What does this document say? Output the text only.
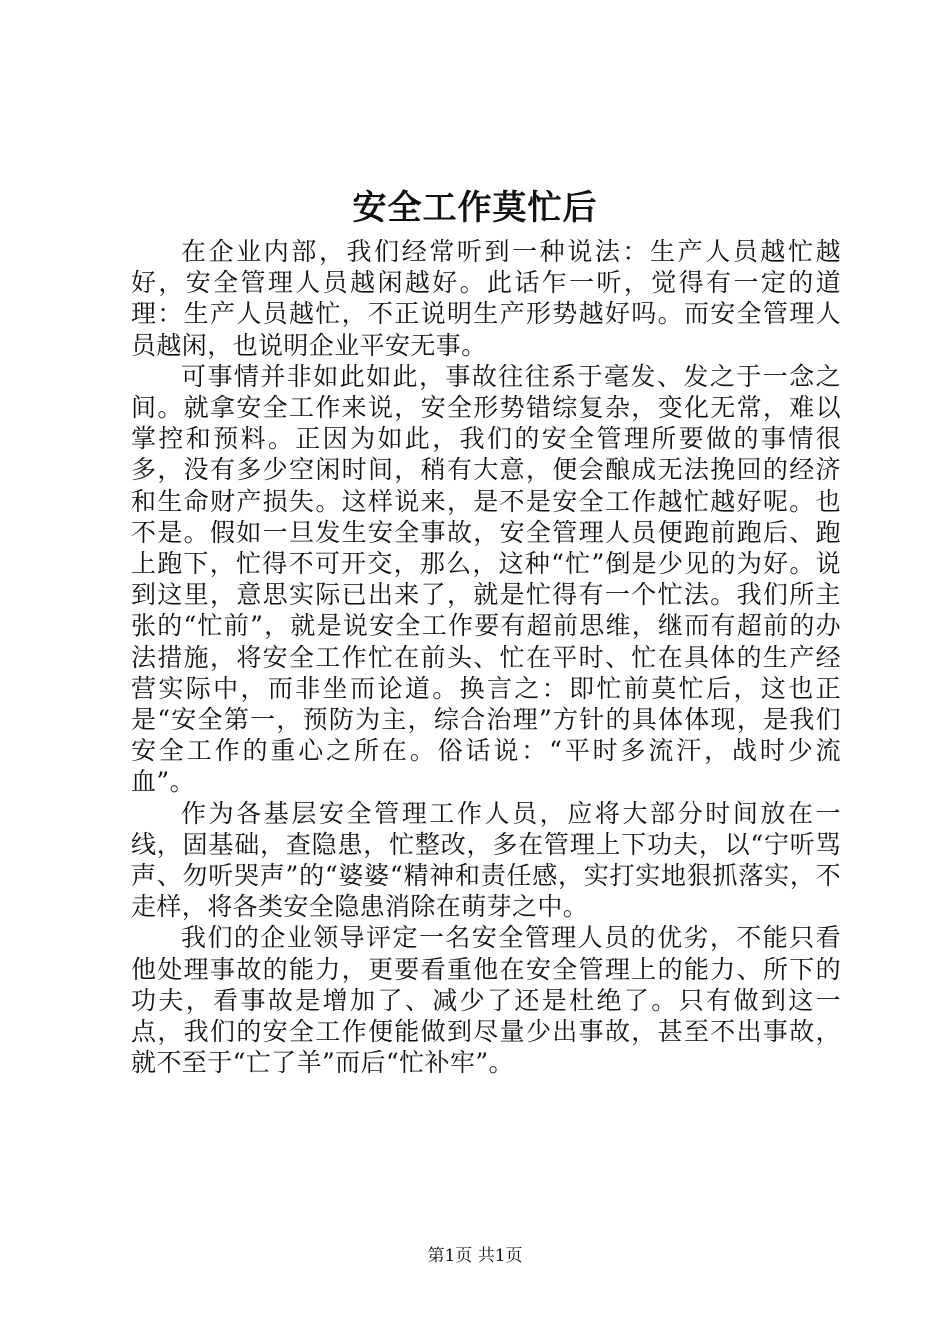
安全工作莫忙后

在企业内部，我们经常听到一种说法：生产人员越忙越好，安全管理人员越闲越好。此话乍一听，觉得有一定的道理：生产人员越忙，不正说明生产形势越好吗。而安全管理人员越闲，也说明企业平安无事。

可事情并非如此如此，事故往往系于毫发、发之于一念之间。就拿安全工作来说，安全形势错综复杂，变化无常，难以掌控和预料。正因为如此，我们的安全管理所要做的事情很多，没有多少空闲时间，稍有大意，便会酿成无法挽回的经济和生命财产损失。这样说来，是不是安全工作越忙越好呢。也不是。假如一旦发生安全事故，安全管理人员便跑前跑后、跑上跑下，忙得不可开交，那么，这种“忙”倒是少见的为好。说到这里，意思实际已出来了，就是忙得有一个忙法。我们所主张的“忙前”，就是说安全工作要有超前思维，继而有超前的办法措施，将安全工作忙在前头、忙在平时、忙在具体的生产经营实际中，而非坐而论道。换言之：即忙前莫忙后，这也正是“安全第一，预防为主，综合治理”方针的具体体现，是我们安全工作的重心之所在。俗话说：“平时多流汗，战时少流血”。

作为各基层安全管理工作人员，应将大部分时间放在一线，固基础，查隐患，忙整改，多在管理上下功夫，以“宁听骂声、勿听哭声”的“婆婆“精神和责任感，实打实地狠抓落实，不走样，将各类安全隐患消除在萌芽之中。

我们的企业领导评定一名安全管理人员的优劣，不能只看他处理事故的能力，更要看重他在安全管理上的能力、所下的功夫，看事故是增加了、减少了还是杜绝了。只有做到这一点，我们的安全工作便能做到尽量少出事故，甚至不出事故，就不至于“亡了羊”而后“忙补牢”。

第1页 共1页
